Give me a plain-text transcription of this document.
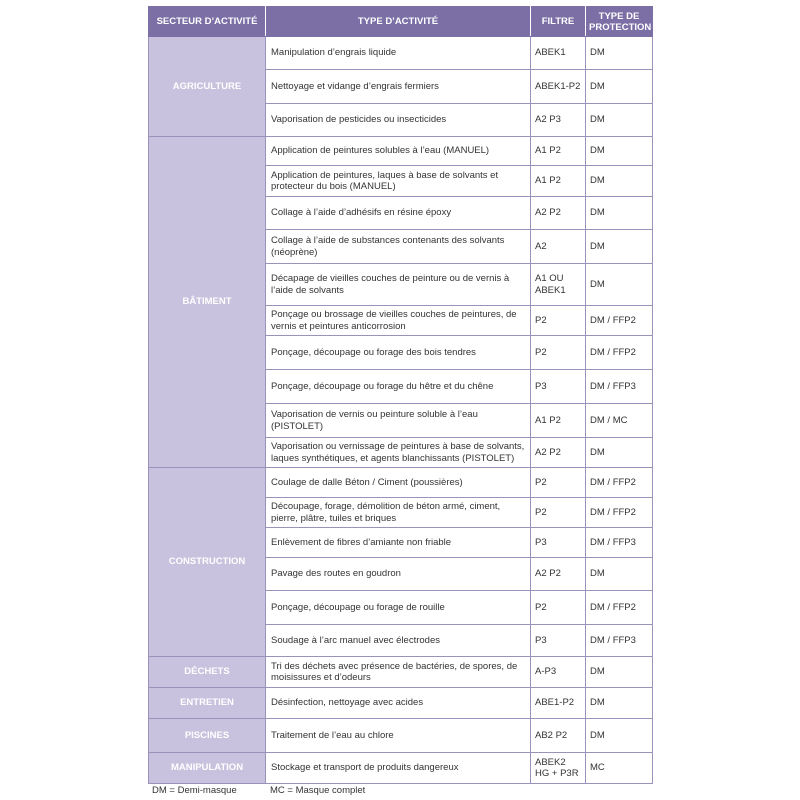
SECTEUR D’ACTIVITÉ	TYPE D’ACTIVITÉ	FILTRE	TYPE DE PROTECTION
AGRICULTURE	Manipulation d’engrais liquide	ABEK1	DM
	Nettoyage et vidange d’engrais fermiers	ABEK1-P2	DM
	Vaporisation de pesticides ou insecticides	A2 P3	DM
BÂTIMENT	Application de peintures solubles à l’eau (MANUEL)	A1 P2	DM
	Application de peintures, laques à base de solvants et protecteur du bois (MANUEL)	A1 P2	DM
	Collage à l’aide d’adhésifs en résine époxy	A2 P2	DM
	Collage à l’aide de substances contenants des solvants (néoprène)	A2	DM
	Décapage de vieilles couches de peinture ou de vernis à l’aide de solvants	A1 OU ABEK1	DM
	Ponçage ou brossage de vieilles couches de peintures, de vernis et peintures anticorrosion	P2	DM / FFP2
	Ponçage, découpage ou forage des bois tendres	P2	DM / FFP2
	Ponçage, découpage ou forage du hêtre et du chêne	P3	DM / FFP3
	Vaporisation de vernis ou peinture soluble à l’eau (PISTOLET)	A1 P2	DM / MC
	Vaporisation ou vernissage de peintures à base de solvants, laques synthétiques, et agents blanchissants (PISTOLET)	A2 P2	DM
CONSTRUCTION	Coulage de dalle Béton / Ciment (poussières)	P2	DM / FFP2
	Découpage, forage, démolition de béton armé, ciment, pierre, plâtre, tuiles et briques	P2	DM / FFP2
	Enlèvement de fibres d’amiante non friable	P3	DM / FFP3
	Pavage des routes en goudron	A2 P2	DM
	Ponçage, découpage ou forage de rouille	P2	DM / FFP2
	Soudage à l’arc manuel avec électrodes	P3	DM / FFP3
DÉCHETS	Tri des déchets avec présence de bactéries, de spores, de moisissures et d’odeurs	A-P3	DM
ENTRETIEN	Désinfection, nettoyage avec acides	ABE1-P2	DM
PISCINES	Traitement de l’eau au chlore	AB2 P2	DM
MANIPULATION	Stockage et transport de produits dangereux	ABEK2 HG + P3R	MC
DM = Demi-masque	MC = Masque complet
